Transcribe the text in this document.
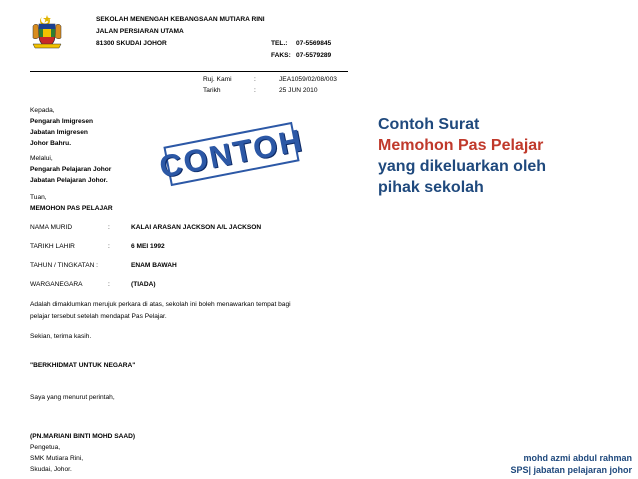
SEKOLAH MENENGAH KEBANGSAAN MUTIARA RINI
JALAN PERSIARAN UTAMA
81300 SKUDAI JOHOR	TEL.: 07-5569845
FAKS: 07-5579289
Ruj. Kami	:	JEA1059/02/08/003
Tarikh	:	25 JUN 2010
Kepada,
Pengarah Imigresen
Jabatan Imigresen
Johor Bahru.
Melalui,
Pengarah Pelajaran Johor
Jabatan Pelajaran Johor.
Tuan,
MEMOHON PAS PELAJAR
NAMA MURID	:	KALAI ARASAN JACKSON A/L JACKSON
TARIKH LAHIR	:	6 MEI 1992
TAHUN / TINGKATAN :	ENAM BAWAH
WARGANEGARA	:	(TIADA)
Adalah dimaklumkan merujuk perkara di atas, sekolah ini boleh menawarkan tempat bagi
pelajar tersebut setelah mendapat Pas Pelajar.
Sekian, terima kasih.
"BERKHIDMAT UNTUK NEGARA"
Saya yang menurut perintah,
(PN.MARIANI BINTI MOHD SAAD)
Pengetua,
SMK Mutiara Rini,
Skudai, Johor.
CONTOH	Contoh Surat
Memohon Pas Pelajar
yang dikeluarkan oleh
pihak sekolah
mohd azmi abdul rahman
SPS| jabatan pelajaran johor
